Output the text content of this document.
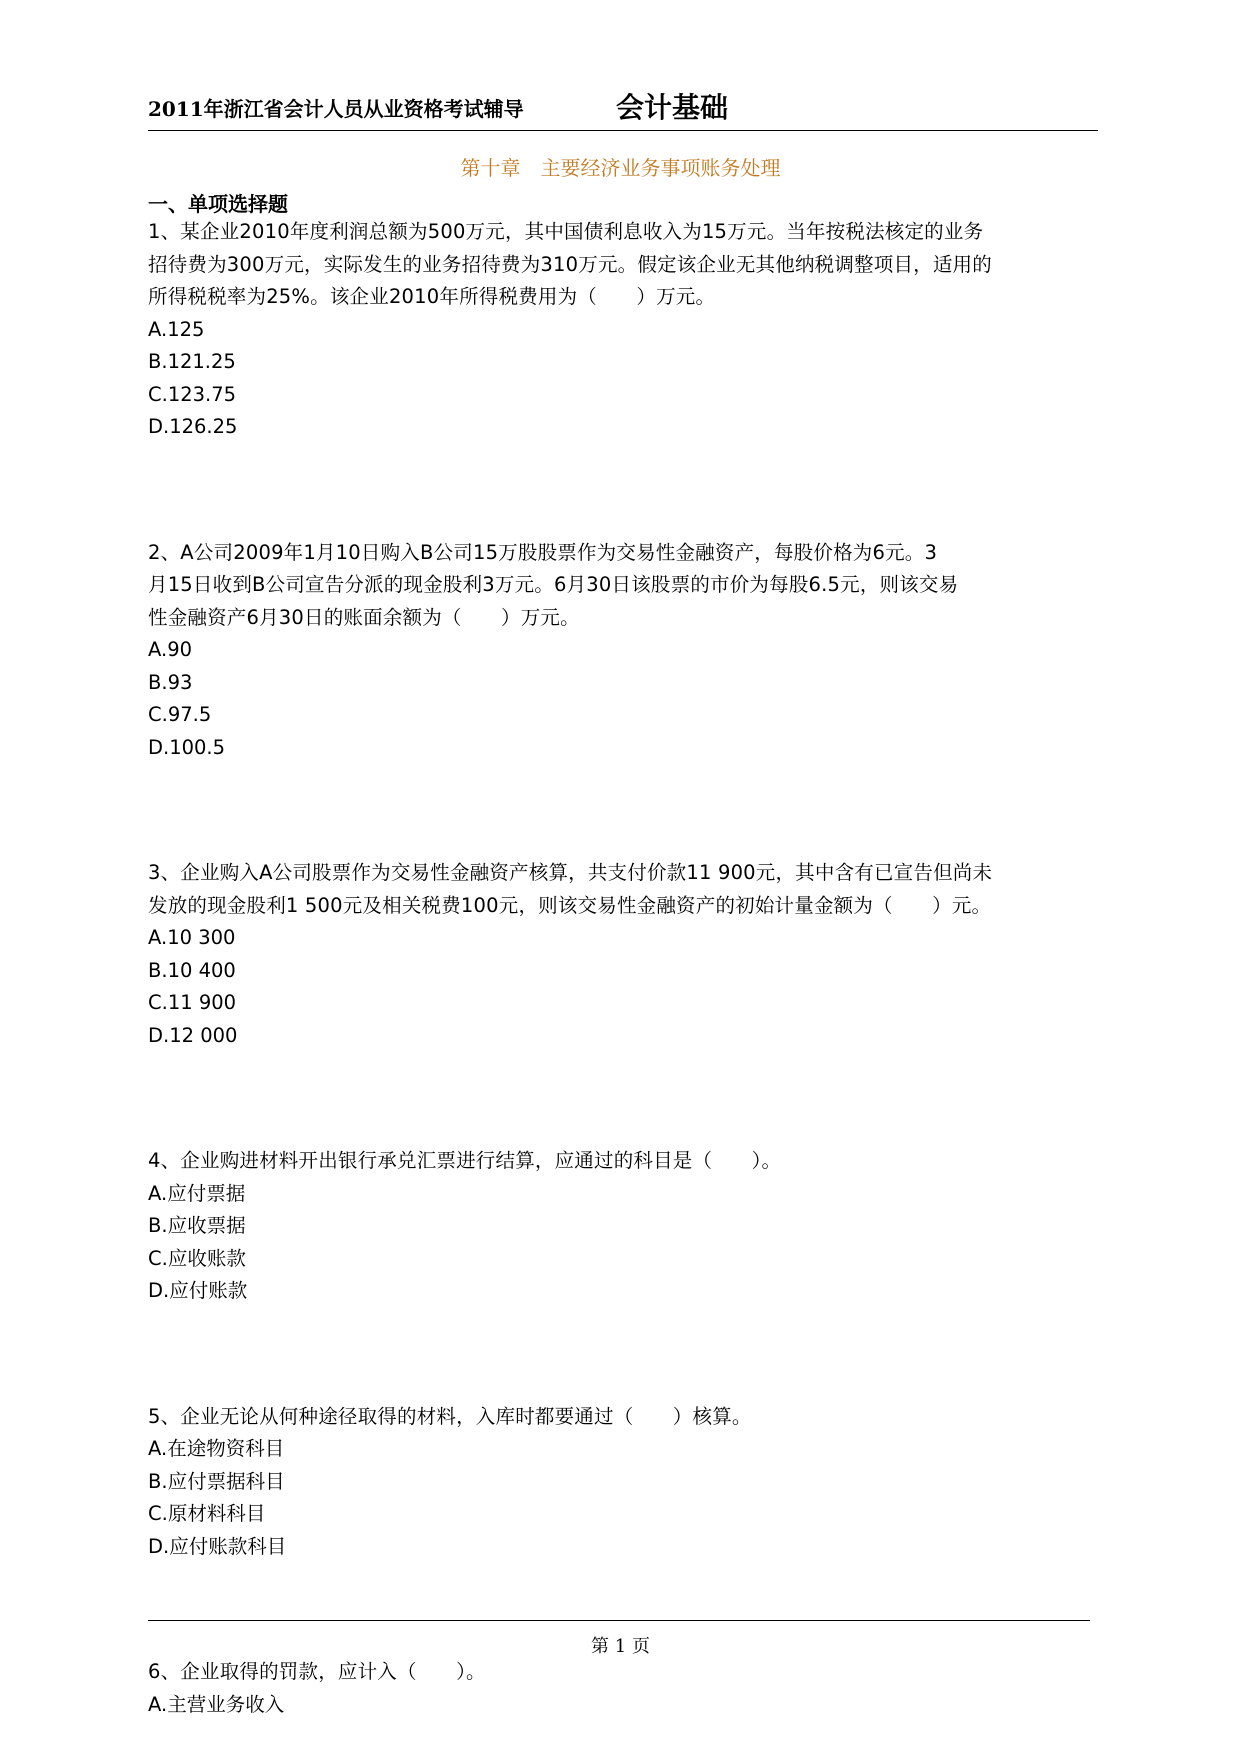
2011年浙江省会计人员从业资格考试辅导	会计基础
第十章　主要经济业务事项账务处理
一、单项选择题

1、某企业2010年度利润总额为500万元，其中国债利息收入为15万元。当年按税法核定的业务

招待费为300万元，实际发生的业务招待费为310万元。假定该企业无其他纳税调整项目，适用的

所得税税率为25%。该企业2010年所得税费用为（　　）万元。

A.125

B.121.25

C.123.75

D.126.25

2、A公司2009年1月10日购入B公司15万股股票作为交易性金融资产，每股价格为6元。3

月15日收到B公司宣告分派的现金股利3万元。6月30日该股票的市价为每股6.5元，则该交易

性金融资产6月30日的账面余额为（　　）万元。

A.90

B.93

C.97.5

D.100.5

3、企业购入A公司股票作为交易性金融资产核算，共支付价款11 900元，其中含有已宣告但尚未

发放的现金股利1 500元及相关税费100元，则该交易性金融资产的初始计量金额为（　　）元。

A.10 300

B.10 400

C.11 900

D.12 000

4、企业购进材料开出银行承兑汇票进行结算，应通过的科目是（　　）。

A.应付票据

B.应收票据

C.应收账款

D.应付账款

5、企业无论从何种途径取得的材料，入库时都要通过（　　）核算。

A.在途物资科目

B.应付票据科目

C.原材料科目

D.应付账款科目

6、企业取得的罚款，应计入（　　）。

A.主营业务收入

第 1 页
